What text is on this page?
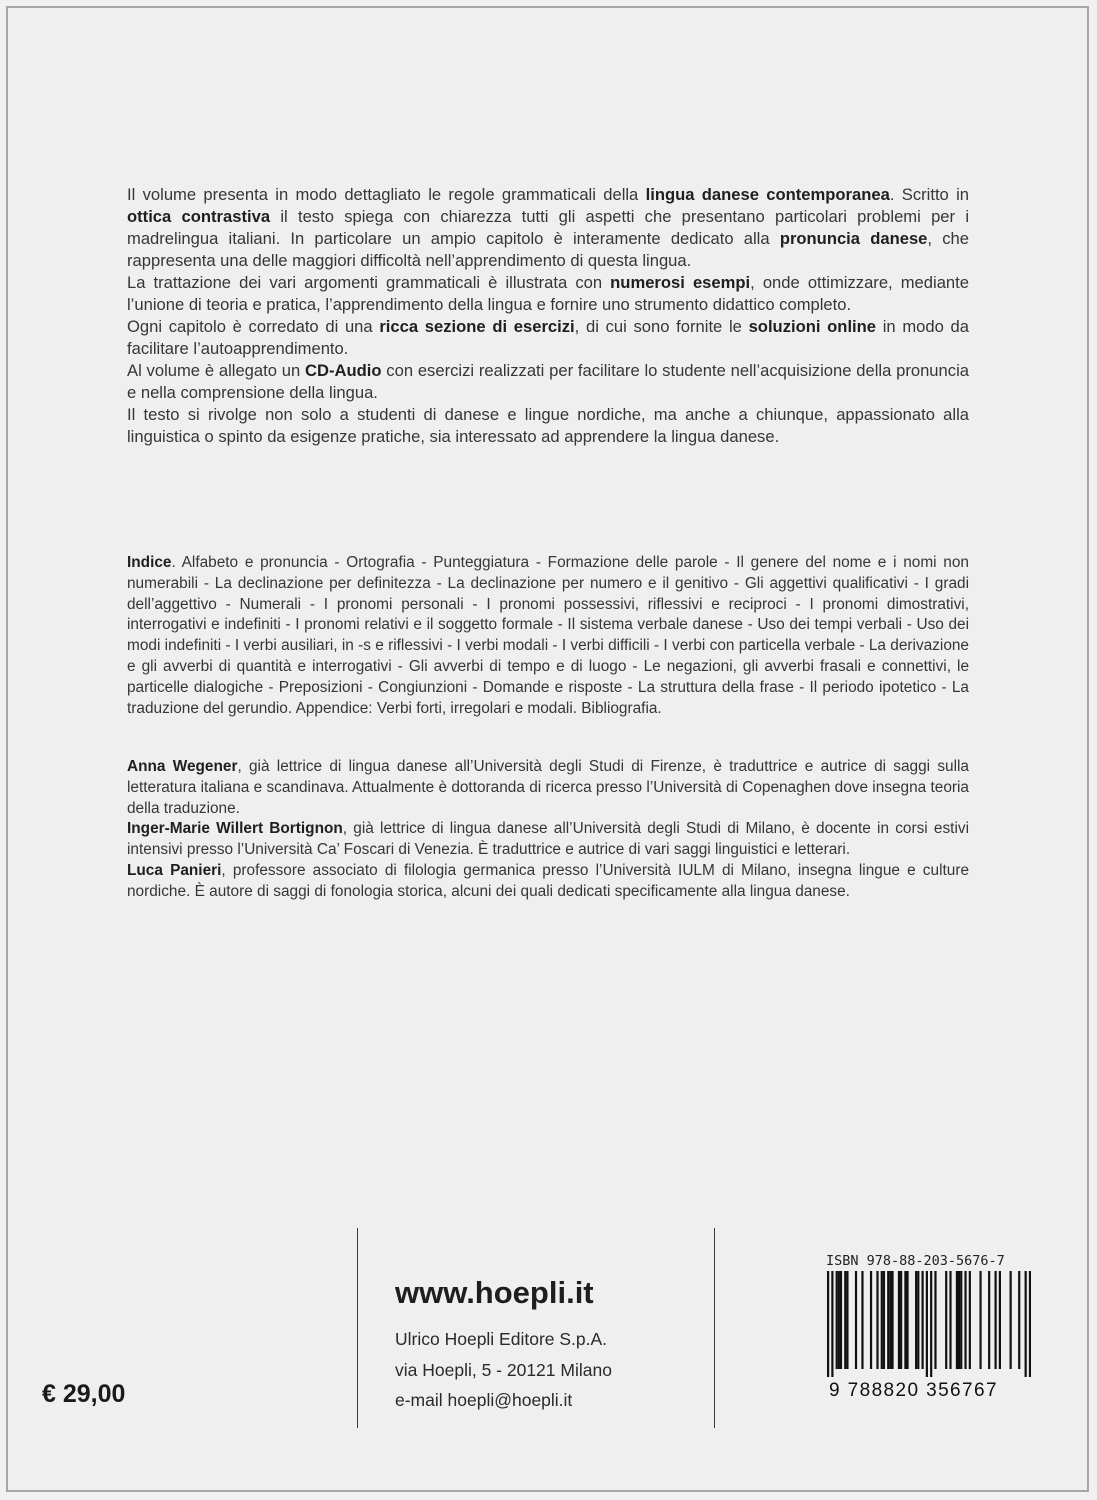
Il volume presenta in modo dettagliato le regole grammaticali della lingua danese contemporanea. Scritto in ottica contrastiva il testo spiega con chiarezza tutti gli aspetti che presentano particolari problemi per i madrelingua italiani. In particolare un ampio capitolo è interamente dedicato alla pronuncia danese, che rappresenta una delle maggiori difficoltà nell’apprendimento di questa lingua.

La trattazione dei vari argomenti grammaticali è illustrata con numerosi esempi, onde ottimizzare, mediante l’unione di teoria e pratica, l’apprendimento della lingua e fornire uno strumento didattico completo.

Ogni capitolo è corredato di una ricca sezione di esercizi, di cui sono fornite le soluzioni online in modo da facilitare l’autoapprendimento.

Al volume è allegato un CD-Audio con esercizi realizzati per facilitare lo studente nell’acquisizione della pronuncia e nella comprensione della lingua.

Il testo si rivolge non solo a studenti di danese e lingue nordiche, ma anche a chiunque, appassionato alla linguistica o spinto da esigenze pratiche, sia interessato ad apprendere la lingua danese.

Indice. Alfabeto e pronuncia - Ortografia - Punteggiatura - Formazione delle parole - Il genere del nome e i nomi non numerabili - La declinazione per definitezza - La declinazione per numero e il genitivo - Gli aggettivi qualificativi - I gradi dell’aggettivo - Numerali - I pronomi personali - I pronomi possessivi, riflessivi e reciproci - I pronomi dimostrativi, interrogativi e indefiniti - I pronomi relativi e il soggetto formale - Il sistema verbale danese - Uso dei tempi verbali - Uso dei modi indefiniti - I verbi ausiliari, in -s e riflessivi - I verbi modali - I verbi difficili - I verbi con particella verbale - La derivazione e gli avverbi di quantità e interrogativi - Gli avverbi di tempo e di luogo - Le negazioni, gli avverbi frasali e connettivi, le particelle dialogiche - Preposizioni - Congiunzioni - Domande e risposte - La struttura della frase - Il periodo ipotetico - La traduzione del gerundio. Appendice: Verbi forti, irregolari e modali. Bibliografia.

Anna Wegener, già lettrice di lingua danese all’Università degli Studi di Firenze, è traduttrice e autrice di saggi sulla letteratura italiana e scandinava. Attualmente è dottoranda di ricerca presso l’Università di Copenaghen dove insegna teoria della traduzione.

Inger-Marie Willert Bortignon, già lettrice di lingua danese all’Università degli Studi di Milano, è docente in corsi estivi intensivi presso l’Università Ca’ Foscari di Venezia. È traduttrice e autrice di vari saggi linguistici e letterari.

Luca Panieri, professore associato di filologia germanica presso l’Università IULM di Milano, insegna lingue e culture nordiche. È autore di saggi di fonologia storica, alcuni dei quali dedicati specificamente alla lingua danese.

€ 29,00
www.hoepli.it
Ulrico Hoepli Editore S.p.A.
via Hoepli, 5 - 20121 Milano
e-mail hoepli@hoepli.it
ISBN 978-88-203-5676-7
9 788820 356767
